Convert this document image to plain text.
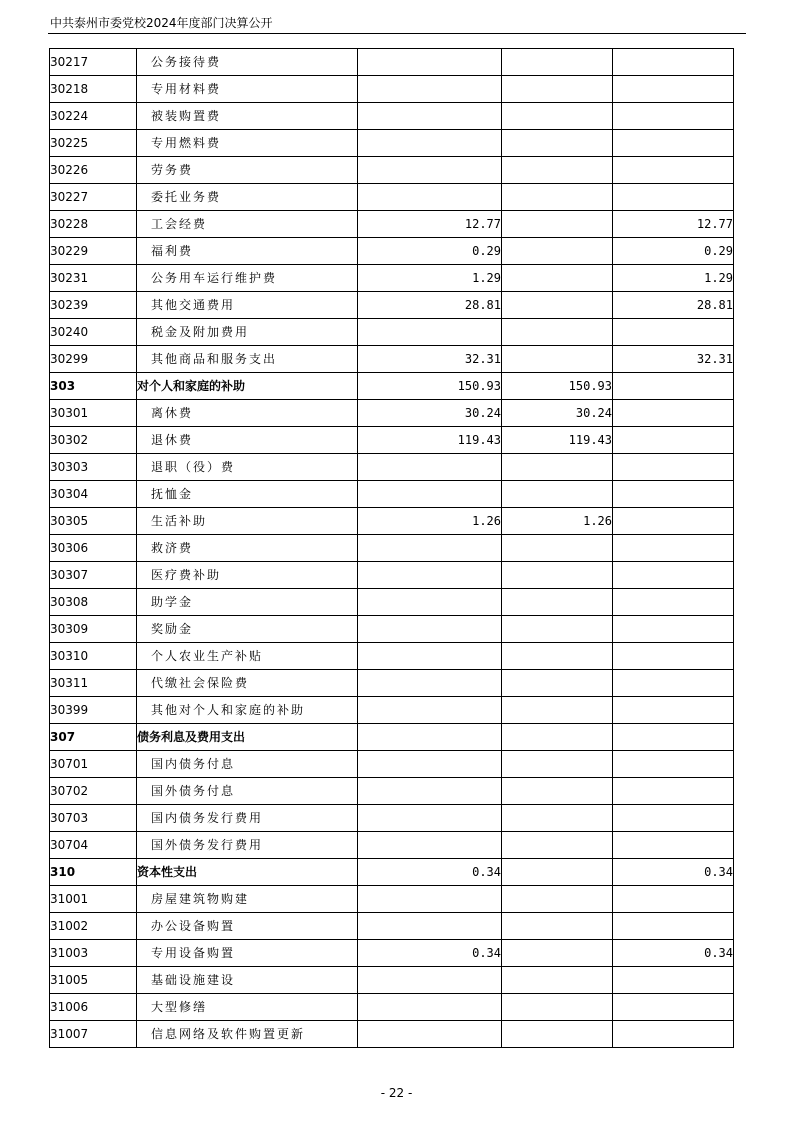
中共泰州市委党校2024年度部门决算公开
30217	公务接待费			
30218	专用材料费			
30224	被装购置费			
30225	专用燃料费			
30226	劳务费			
30227	委托业务费			
30228	工会经费	12.77		12.77
30229	福利费	0.29		0.29
30231	公务用车运行维护费	1.29		1.29
30239	其他交通费用	28.81		28.81
30240	税金及附加费用			
30299	其他商品和服务支出	32.31		32.31
303	对个人和家庭的补助	150.93	150.93	
30301	离休费	30.24	30.24	
30302	退休费	119.43	119.43	
30303	退职（役）费			
30304	抚恤金			
30305	生活补助	1.26	1.26	
30306	救济费			
30307	医疗费补助			
30308	助学金			
30309	奖励金			
30310	个人农业生产补贴			
30311	代缴社会保险费			
30399	其他对个人和家庭的补助			
307	债务利息及费用支出			
30701	国内债务付息			
30702	国外债务付息			
30703	国内债务发行费用			
30704	国外债务发行费用			
310	资本性支出	0.34		0.34
31001	房屋建筑物购建			
31002	办公设备购置			
31003	专用设备购置	0.34		0.34
31005	基础设施建设			
31006	大型修缮			
31007	信息网络及软件购置更新			
- 22 -
